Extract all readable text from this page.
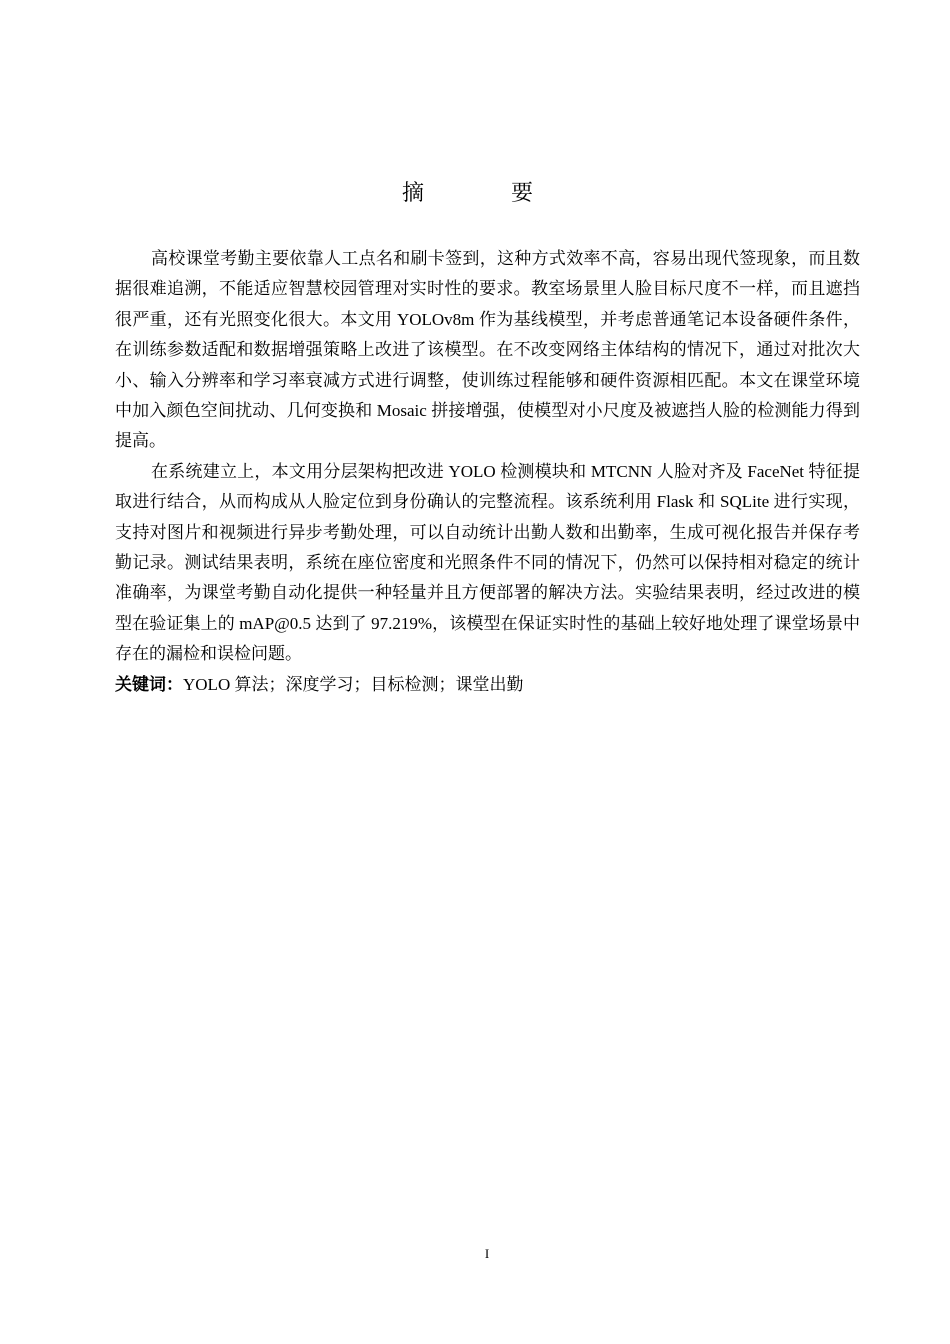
摘 要

高校课堂考勤主要依靠人工点名和刷卡签到，这种方式效率不高，容易出现代签现象，而且数据很难追溯，不能适应智慧校园管理对实时性的要求。教室场景里人脸目标尺度不一样，而且遮挡很严重，还有光照变化很大。本文用 YOLOv8m 作为基线模型，并考虑普通笔记本设备硬件条件，在训练参数适配和数据增强策略上改进了该模型。在不改变网络主体结构的情况下，通过对批次大小、输入分辨率和学习率衰减方式进行调整，使训练过程能够和硬件资源相匹配。本文在课堂环境中加入颜色空间扰动、几何变换和 Mosaic 拼接增强，使模型对小尺度及被遮挡人脸的检测能力得到提高。

在系统建立上，本文用分层架构把改进 YOLO 检测模块和 MTCNN 人脸对齐及 FaceNet 特征提取进行结合，从而构成从人脸定位到身份确认的完整流程。该系统利用 Flask 和 SQLite 进行实现，支持对图片和视频进行异步考勤处理，可以自动统计出勤人数和出勤率，生成可视化报告并保存考勤记录。测试结果表明，系统在座位密度和光照条件不同的情况下，仍然可以保持相对稳定的统计准确率，为课堂考勤自动化提供一种轻量并且方便部署的解决方法。实验结果表明，经过改进的模型在验证集上的 mAP@0.5 达到了 97.219%，该模型在保证实时性的基础上较好地处理了课堂场景中存在的漏检和误检问题。

关键词：YOLO 算法；深度学习；目标检测；课堂出勤

I
